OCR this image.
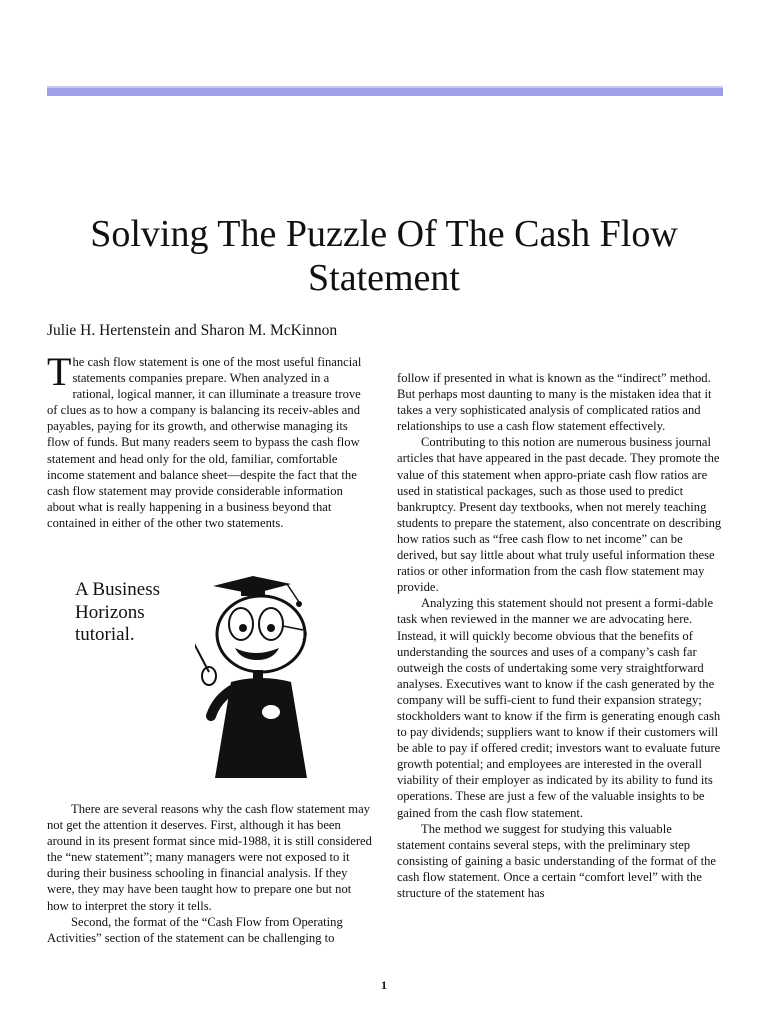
Solving The Puzzle Of The Cash Flow Statement

Julie H. Hertenstein and Sharon M. McKinnon

The cash flow statement is one of the most useful financial statements companies prepare. When analyzed in a rational, logical manner, it can illuminate a treasure trove of clues as to how a company is balancing its receiv-ables and payables, paying for its growth, and otherwise managing its flow of funds. But many readers seem to bypass the cash flow statement and head only for the old, familiar, comfortable income statement and balance sheet—despite the fact that the cash flow statement may provide considerable information about what is really happening in a business beyond that contained in either of the other two statements.

A Business
Horizons
tutorial.

There are several reasons why the cash flow statement may not get the attention it deserves. First, although it has been around in its present format since mid-1988, it is still considered the “new statement”; many managers were not exposed to it during their business schooling in financial analysis. If they were, they may have been taught how to prepare one but not how to interpret the story it tells.

Second, the format of the “Cash Flow from Operating Activities” section of the statement can be challenging to

follow if presented in what is known as the “indirect” method. But perhaps most daunting to many is the mistaken idea that it takes a very sophisticated analysis of complicated ratios and relationships to use a cash flow statement effectively.

Contributing to this notion are numerous business journal articles that have appeared in the past decade. They promote the value of this statement when appro-priate cash flow ratios are used in statistical packages, such as those used to predict bankruptcy. Present day textbooks, when not merely teaching students to prepare the statement, also concentrate on describing how ratios such as “free cash flow to net income” can be derived, but say little about what truly useful information these ratios or other information from the cash flow statement may provide.

Analyzing this statement should not present a formi-dable task when reviewed in the manner we are advocating here. Instead, it will quickly become obvious that the benefits of understanding the sources and uses of a company’s cash far outweigh the costs of undertaking some very straightforward analyses. Executives want to know if the cash generated by the company will be suffi-cient to fund their expansion strategy; stockholders want to know if the firm is generating enough cash to pay dividends; suppliers want to know if their customers will be able to pay if offered credit; investors want to evaluate future growth potential; and employees are interested in the overall viability of their employer as indicated by its ability to fund its operations. These are just a few of the valuable insights to be gained from the cash flow statement.

The method we suggest for studying this valuable statement contains several steps, with the preliminary step consisting of gaining a basic understanding of the format of the cash flow statement. Once a certain “comfort level” with the structure of the statement has

1
